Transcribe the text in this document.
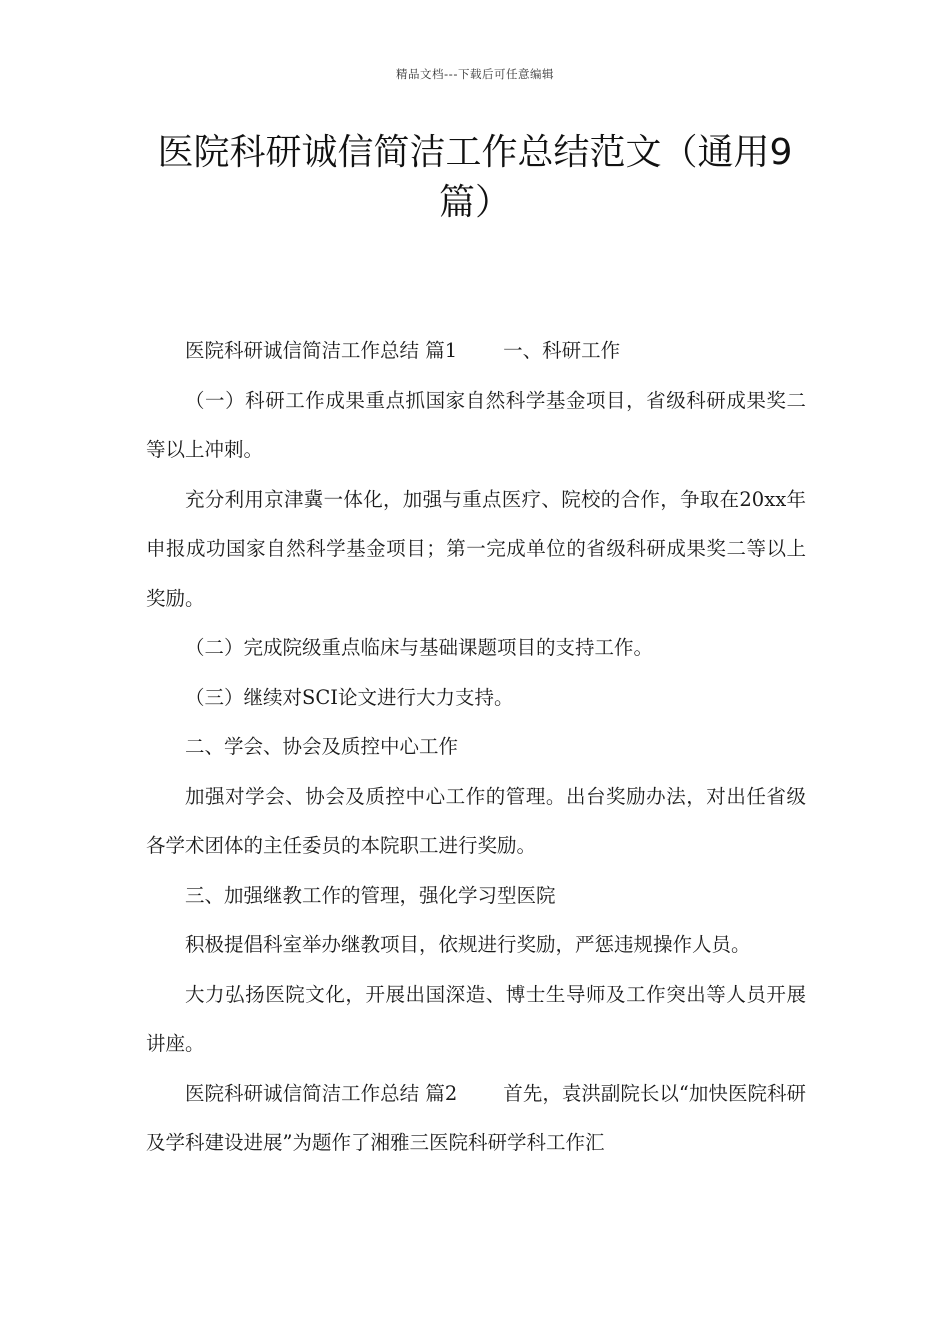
精品文档---下载后可任意编辑
医院科研诚信简洁工作总结范文（通用9篇）

医院科研诚信简洁工作总结 篇1 一、科研工作

（一）科研工作成果重点抓国家自然科学基金项目，省级科研成果奖二等以上冲刺。

充分利用京津冀一体化，加强与重点医疗、院校的合作，争取在20xx年申报成功国家自然科学基金项目；第一完成单位的省级科研成果奖二等以上奖励。

（二）完成院级重点临床与基础课题项目的支持工作。

（三）继续对SCI论文进行大力支持。

二、学会、协会及质控中心工作

加强对学会、协会及质控中心工作的管理。出台奖励办法，对出任省级各学术团体的主任委员的本院职工进行奖励。

三、加强继教工作的管理，强化学习型医院

积极提倡科室举办继教项目，依规进行奖励，严惩违规操作人员。

大力弘扬医院文化，开展出国深造、博士生导师及工作突出等人员开展讲座。

医院科研诚信简洁工作总结 篇2 首先，袁洪副院长以“加快医院科研及学科建设进展”为题作了湘雅三医院科研学科工作汇
